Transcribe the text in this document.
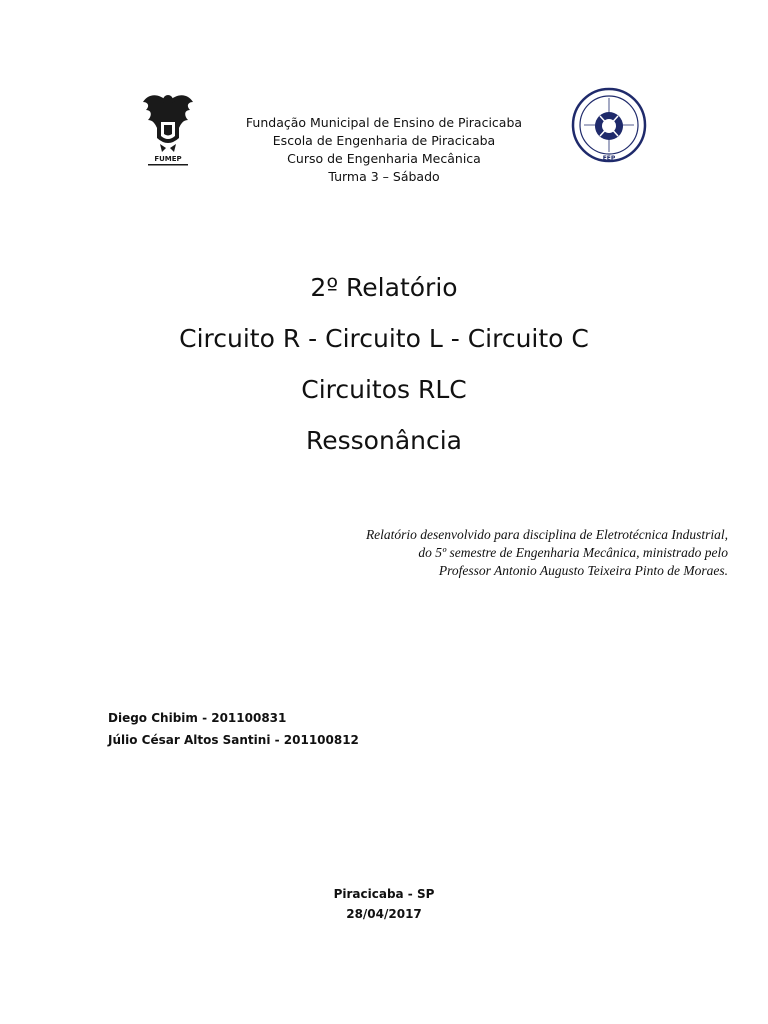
FUMEP
Fundação Municipal de Ensino de Piracicaba
Escola de Engenharia de Piracicaba
Curso de Engenharia Mecânica
Turma 3 – Sábado
EEP
2º Relatório
Circuito R - Circuito L - Circuito C
Circuitos RLC
Ressonância
Relatório desenvolvido para disciplina de Eletrotécnica Industrial,
do 5º semestre de Engenharia Mecânica, ministrado pelo
Professor Antonio Augusto Teixeira Pinto de Moraes.
Diego Chibim - 201100831
Júlio César Altos Santini - 201100812
Piracicaba - SP
28/04/2017
